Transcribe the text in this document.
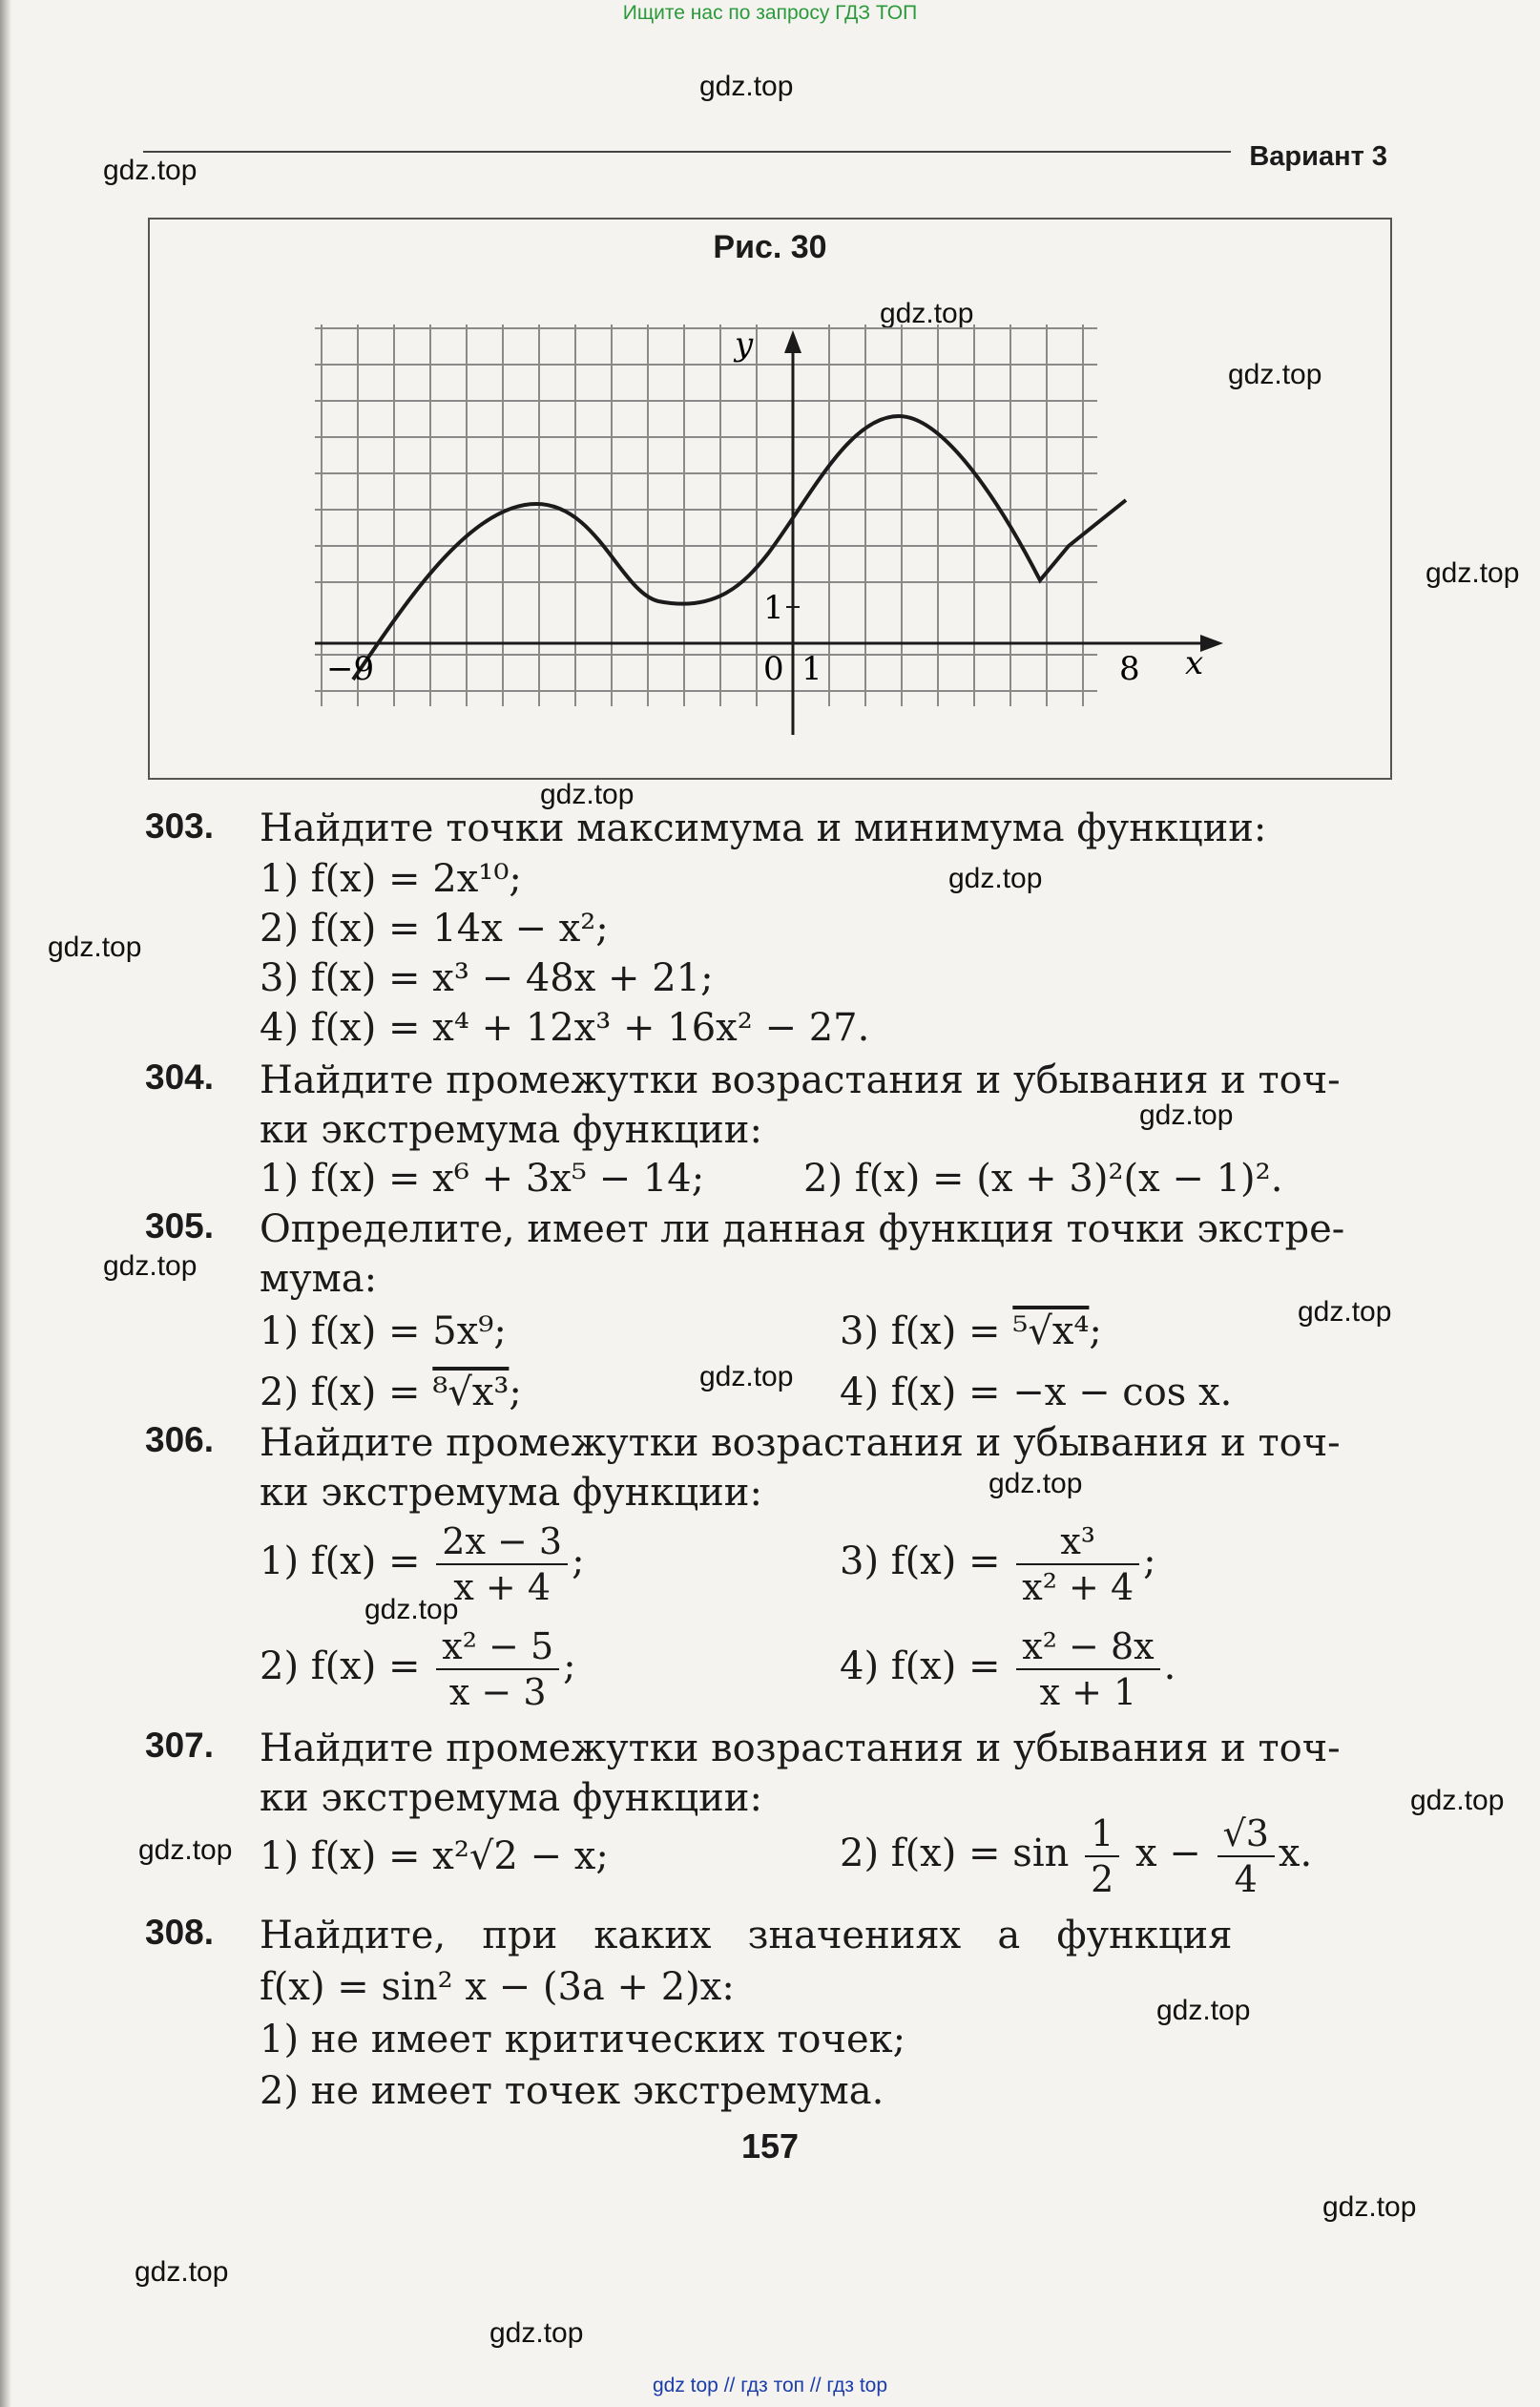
Ищите нас по запросу ГДЗ ТОП
gdz.top
gdz.top
gdz.top
gdz.top
gdz.top
gdz.top
gdz.top
gdz.top
gdz.top
gdz.top
gdz.top
gdz.top
gdz.top
gdz.top
gdz.top
gdz.top
gdz.top
gdz.top
gdz.top
gdz.top
Вариант 3
Рис. 30
−9	0 1	8
1
x
y
303. Найдите точки максимума и минимума функции:
1) f(x) = 2x¹⁰;
2) f(x) = 14x − x²;
3) f(x) = x³ − 48x + 21;
4) f(x) = x⁴ + 12x³ + 16x² − 27.
304. Найдите промежутки возрастания и убывания и точ-
ки экстремума функции:
1) f(x) = x⁶ + 3x⁵ − 14;	2) f(x) = (x + 3)²(x − 1)².
305. Определите, имеет ли данная функция точки экстре-
мума:
1) f(x) = 5x⁹;	3) f(x) = ⁵√x⁴;
2) f(x) = ⁸√x³;	4) f(x) = −x − cos x.
306. Найдите промежутки возрастания и убывания и точ-
ки экстремума функции:
1) $f(x) = \frac{2x - 3}{x + 4}$ ;	3) $f(x) = \frac{\text{x³}}{\text{x² + 4}}$ ;
2) $f(x) = \frac{\text{x² − 5}}{x - 3}$ ;	4) $f(x) = \frac{\text{x² − 8x}}{x + 1}$ .
307. Найдите промежутки возрастания и убывания и точ-
ки экстремума функции:
1) f(x) = x²√2 − x;	2) $f(x) = \sin \frac{1}{2}$ $x - \frac{√3}{4} x$.
308. Найдите,   при   каких   значениях   a   функция
f(x) = sin² x − (3a + 2)x:
1) не имеет критических точек;
2) не имеет точек экстремума.
157
gdz top // гдз топ // гдз top
